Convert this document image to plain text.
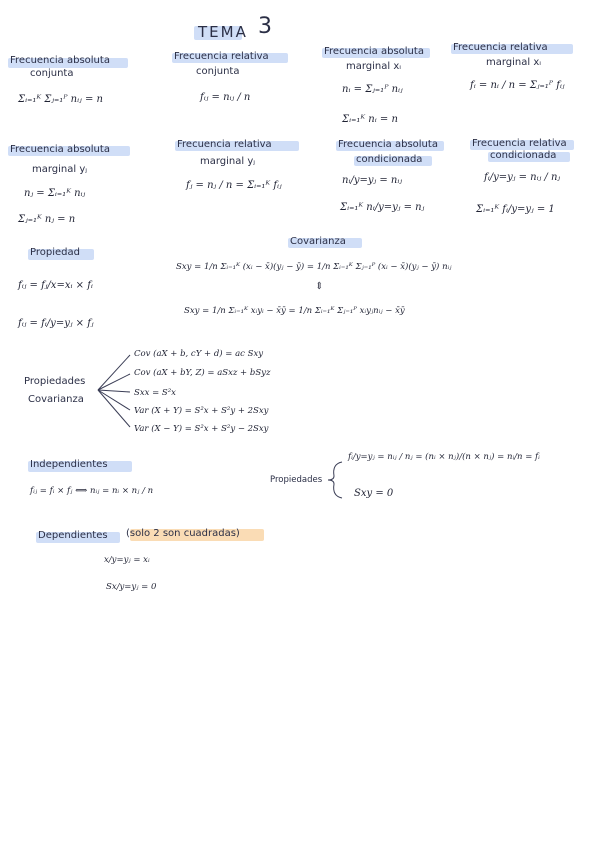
TEMA 3
Frecuencia absoluta
conjunta
Σᵢ₌₁ᴷ Σⱼ₌₁ᴾ nᵢⱼ = n
Frecuencia relativa
conjunta
fᵢⱼ = nᵢⱼ / n
Frecuencia absoluta
marginal xᵢ
nᵢ = Σⱼ₌₁ᴾ nᵢⱼ
Σᵢ₌₁ᴷ nᵢ = n
Frecuencia relativa
marginal xᵢ
fᵢ = nᵢ / n = Σⱼ₌₁ᴾ fᵢⱼ
Frecuencia absoluta
marginal yⱼ
nⱼ = Σᵢ₌₁ᴷ nᵢⱼ
Σⱼ₌₁ᴷ nⱼ = n
Frecuencia relativa
marginal yⱼ
fⱼ = nⱼ / n = Σᵢ₌₁ᴷ fᵢⱼ
Frecuencia absoluta
condicionada
nᵢ/y=yⱼ = nᵢⱼ
Σᵢ₌₁ᴷ nᵢ/y=yⱼ = nⱼ
Frecuencia relativa
condicionada
fᵢ/y=yⱼ = nᵢⱼ / nⱼ
Σᵢ₌₁ᴷ fᵢ/y=yⱼ = 1
Propiedad
fᵢⱼ = fⱼ/x=xᵢ × fᵢ
fᵢⱼ = fᵢ/y=yⱼ × fⱼ
Covarianza
Sxy = 1/n Σᵢ₌₁ᴷ (xᵢ − x̄)(yⱼ − ȳ) = 1/n Σᵢ₌₁ᴷ Σⱼ₌₁ᴾ (xᵢ − x̄)(yⱼ − ȳ) nᵢⱼ
⇕
Sxy = 1/n Σᵢ₌₁ᴷ xᵢyᵢ − x̄ȳ = 1/n Σᵢ₌₁ᴷ Σⱼ₌₁ᴾ xᵢyⱼnᵢⱼ − x̄ȳ
Propiedades
Covarianza
Cov (aX + b, cY + d) = ac Sxy
Cov (aX + bY, Z) = aSxz + bSyz
Sxx = S²x
Var (X + Y) = S²x + S²y + 2Sxy
Var (X − Y) = S²x + S²y − 2Sxy
Independientes
fᵢⱼ = fᵢ × fⱼ ⟺ nᵢⱼ = nᵢ × nⱼ / n
Propiedades
fᵢ/y=yⱼ = nᵢⱼ / nⱼ = (nᵢ × nⱼ)/(n × nⱼ) = nᵢ/n = fᵢ
Sxy = 0
Dependientes (solo 2 son cuadradas)
x/y=yⱼ = xᵢ
Sx/y=yⱼ = 0
